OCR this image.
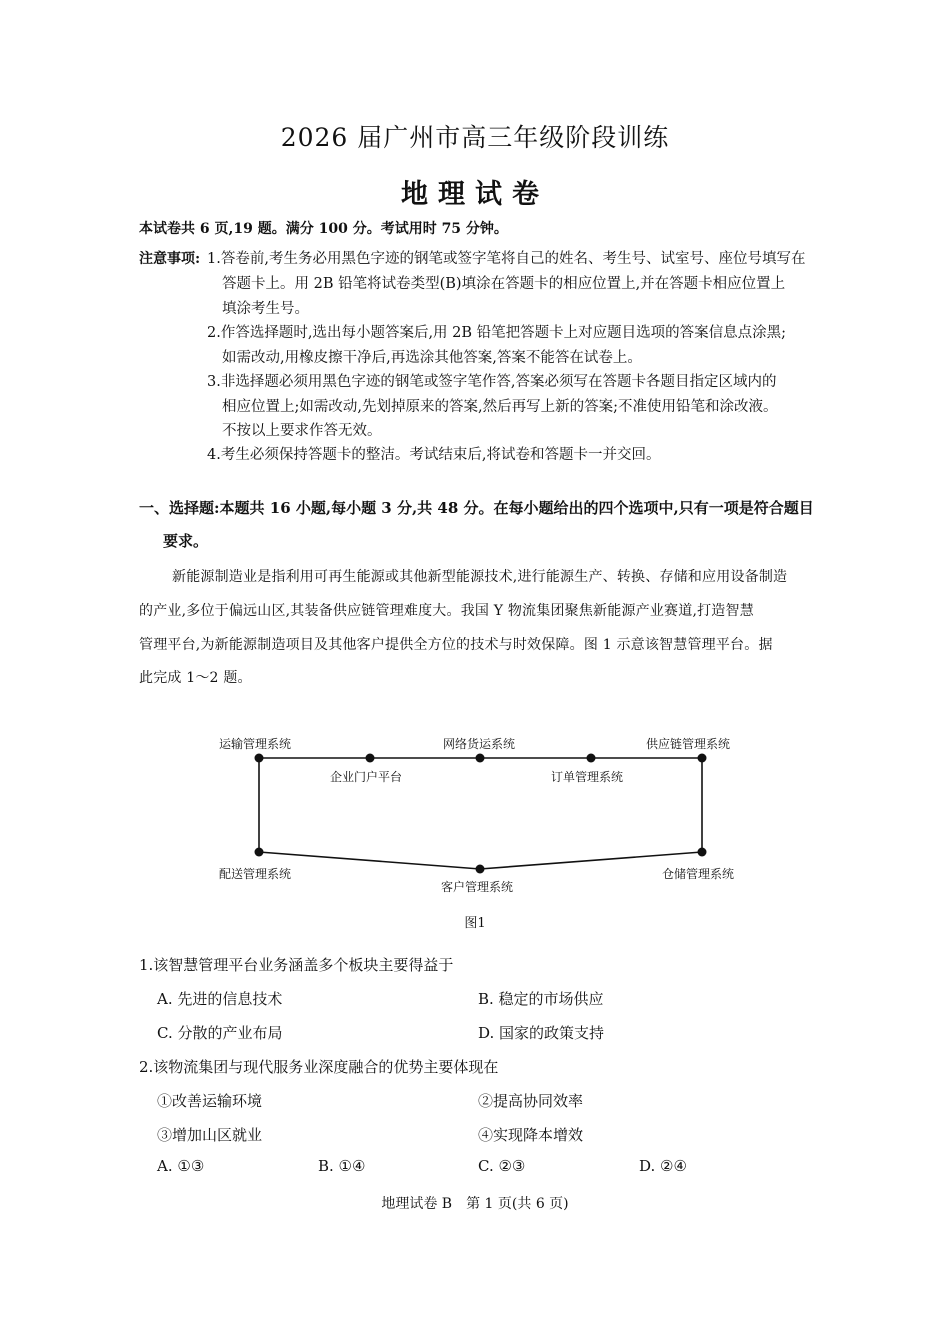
2026 届广州市高三年级阶段训练
地理试卷
本试卷共 6 页,19 题。满分 100 分。考试用时 75 分钟。
注意事项: 1.答卷前,考生务必用黑色字迹的钢笔或签字笔将自己的姓名、考生号、试室号、座位号填写在
答题卡上。用 2B 铅笔将试卷类型(B)填涂在答题卡的相应位置上,并在答题卡相应位置上
填涂考生号。
2.作答选择题时,选出每小题答案后,用 2B 铅笔把答题卡上对应题目选项的答案信息点涂黑;
如需改动,用橡皮擦干净后,再选涂其他答案,答案不能答在试卷上。
3.非选择题必须用黑色字迹的钢笔或签字笔作答,答案必须写在答题卡各题目指定区域内的
相应位置上;如需改动,先划掉原来的答案,然后再写上新的答案;不准使用铅笔和涂改液。
不按以上要求作答无效。
4.考生必须保持答题卡的整洁。考试结束后,将试卷和答题卡一并交回。
一、选择题:本题共 16 小题,每小题 3 分,共 48 分。在每小题给出的四个选项中,只有一项是符合题目
要求。
新能源制造业是指利用可再生能源或其他新型能源技术,进行能源生产、转换、存储和应用设备制造
的产业,多位于偏远山区,其装备供应链管理难度大。我国 Y 物流集团聚焦新能源产业赛道,打造智慧
管理平台,为新能源制造项目及其他客户提供全方位的技术与时效保障。图 1 示意该智慧管理平台。据
此完成 1～2 题。
运输管理系统
企业门户平台
网络货运系统
订单管理系统
供应链管理系统
配送管理系统
客户管理系统
仓储管理系统
图1
1.该智慧管理平台业务涵盖多个板块主要得益于
A. 先进的信息技术	B. 稳定的市场供应
C. 分散的产业布局	D. 国家的政策支持
2.该物流集团与现代服务业深度融合的优势主要体现在
①改善运输环境	②提高协同效率
③增加山区就业	④实现降本增效
A. ①③	B. ①④	C. ②③	D. ②④
地理试卷 B　第 1 页(共 6 页)
